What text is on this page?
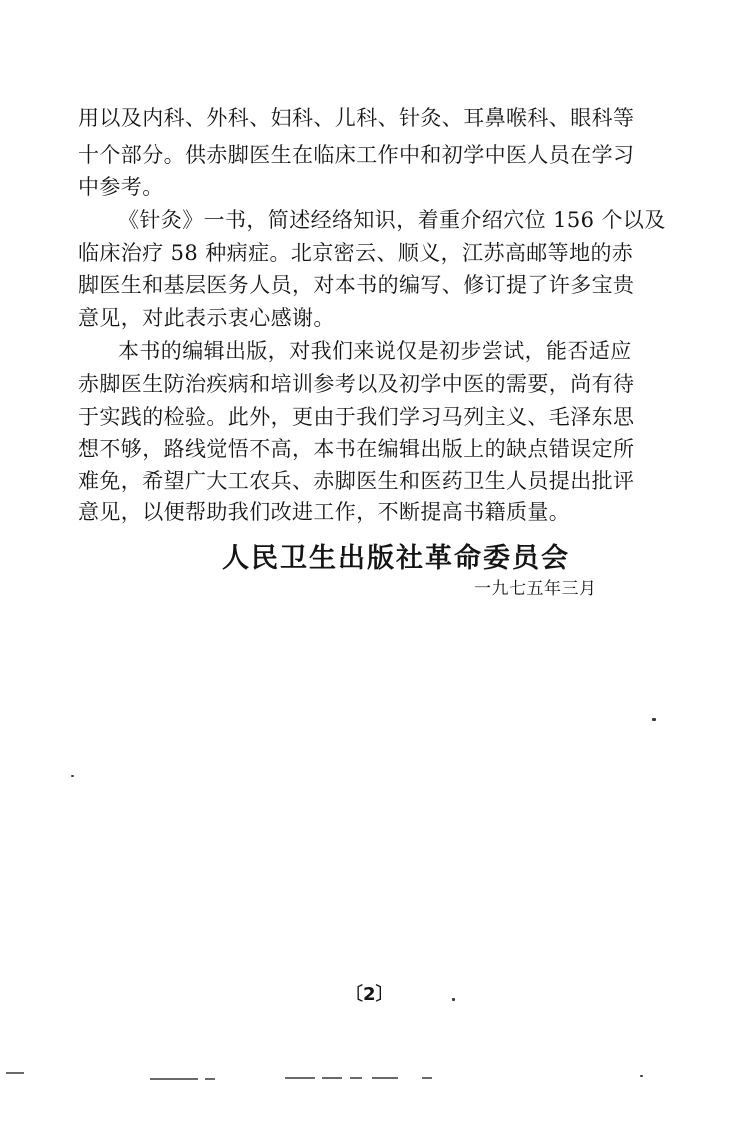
用以及内科、外科、妇科、儿科、针灸、耳鼻喉科、眼科等
十个部分。供赤脚医生在临床工作中和初学中医人员在学习
中参考。
《针灸》一书，简述经络知识，着重介绍穴位 156 个以及
临床治疗 58 种病症。北京密云、顺义，江苏高邮等地的赤
脚医生和基层医务人员，对本书的编写、修订提了许多宝贵
意见，对此表示衷心感谢。
本书的编辑出版，对我们来说仅是初步尝试，能否适应
赤脚医生防治疾病和培训参考以及初学中医的需要，尚有待
于实践的检验。此外，更由于我们学习马列主义、毛泽东思
想不够，路线觉悟不高，本书在编辑出版上的缺点错误定所
难免，希望广大工农兵、赤脚医生和医药卫生人员提出批评
意见，以便帮助我们改进工作，不断提高书籍质量。
人民卫生出版社革命委员会
一九七五年三月
〔2〕
